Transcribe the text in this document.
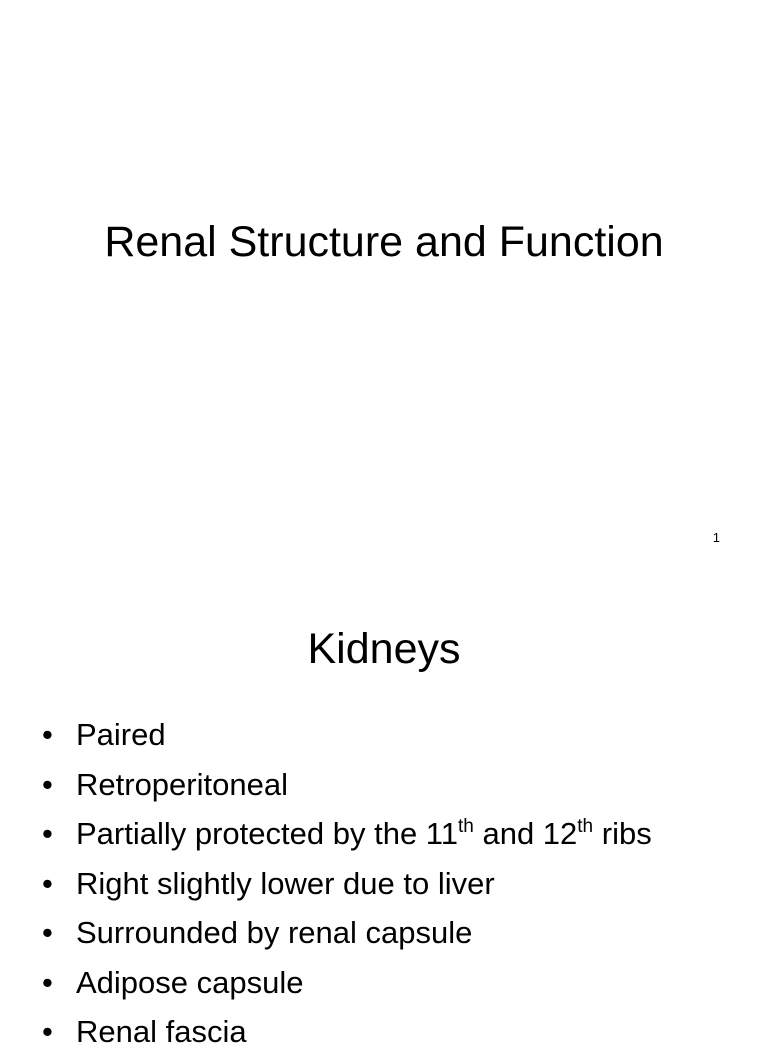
Renal Structure and Function
1
Kidneys
• Paired
• Retroperitoneal
• Partially protected by the 11th and 12th ribs
• Right slightly lower due to liver
• Surrounded by renal capsule
• Adipose capsule
• Renal fascia
